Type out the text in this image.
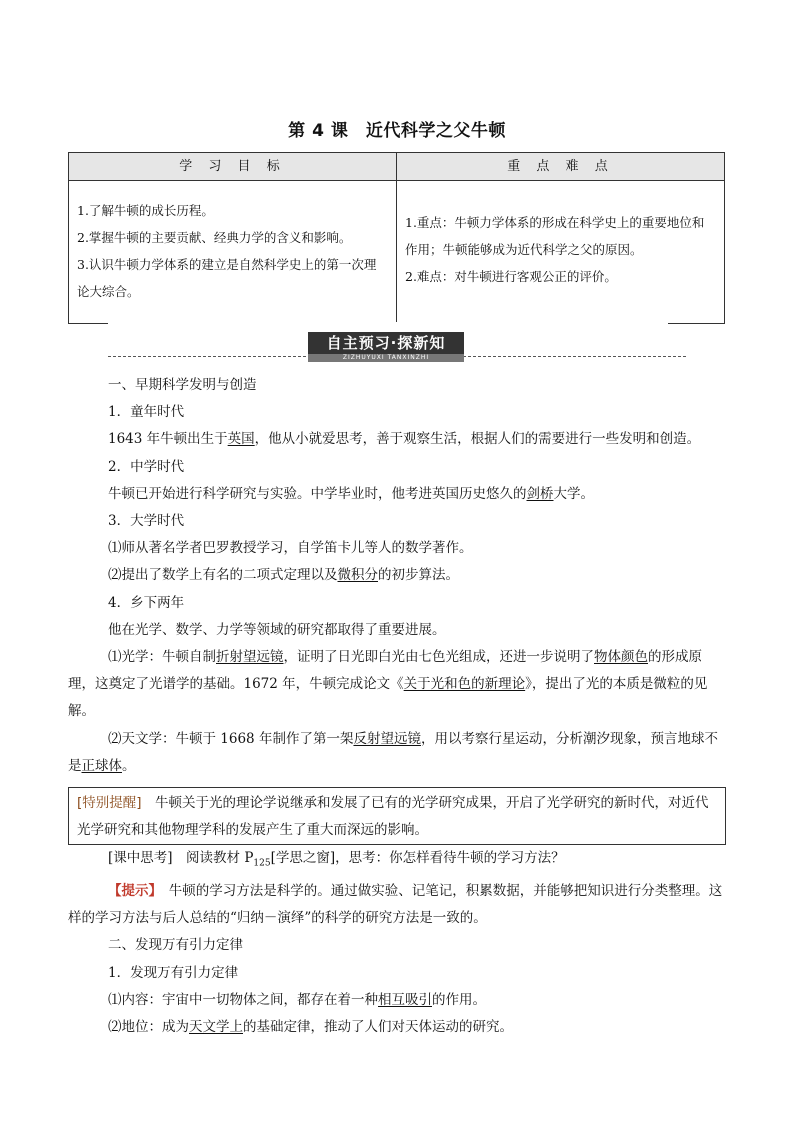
第 4 课　近代科学之父牛顿
学 习 目 标	重 点 难 点

1.了解牛顿的成长历程。

2.掌握牛顿的主要贡献、经典力学的含义和影响。

3.认识牛顿力学体系的建立是自然科学史上的第一次理论大综合。

1.重点：牛顿力学体系的形成在科学史上的重要地位和作用；牛顿能够成为近代科学之父的原因。

2.难点：对牛顿进行客观公正的评价。

自主预习·探新知
ZIZHUYUXI TANXINZHI

一、早期科学发明与创造

1．童年时代

1643 年牛顿出生于英国，他从小就爱思考，善于观察生活，根据人们的需要进行一些发明和创造。

2．中学时代

牛顿已开始进行科学研究与实验。中学毕业时，他考进英国历史悠久的剑桥大学。

3．大学时代

⑴师从著名学者巴罗教授学习，自学笛卡儿等人的数学著作。

⑵提出了数学上有名的二项式定理以及微积分的初步算法。

4．乡下两年

他在光学、数学、力学等领域的研究都取得了重要进展。

⑴光学：牛顿自制折射望远镜，证明了日光即白光由七色光组成，还进一步说明了物体颜色的形成原理，这奠定了光谱学的基础。1672 年，牛顿完成论文《关于光和色的新理论》，提出了光的本质是微粒的见解。

⑵天文学：牛顿于 1668 年制作了第一架反射望远镜，用以考察行星运动，分析潮汐现象，预言地球不是正球体。

[特别提醒]　牛顿关于光的理论学说继承和发展了已有的光学研究成果，开启了光学研究的新时代，对近代光学研究和其他物理学科的发展产生了重大而深远的影响。

[课中思考]　阅读教材 $P_{125}$[学思之窗]，思考：你怎样看待牛顿的学习方法？

【提示】　牛顿的学习方法是科学的。通过做实验、记笔记，积累数据，并能够把知识进行分类整理。这样的学习方法与后人总结的“归纳－演绎”的科学的研究方法是一致的。

二、发现万有引力定律

1．发现万有引力定律

⑴内容：宇宙中一切物体之间，都存在着一种相互吸引的作用。

⑵地位：成为天文学上的基础定律，推动了人们对天体运动的研究。
